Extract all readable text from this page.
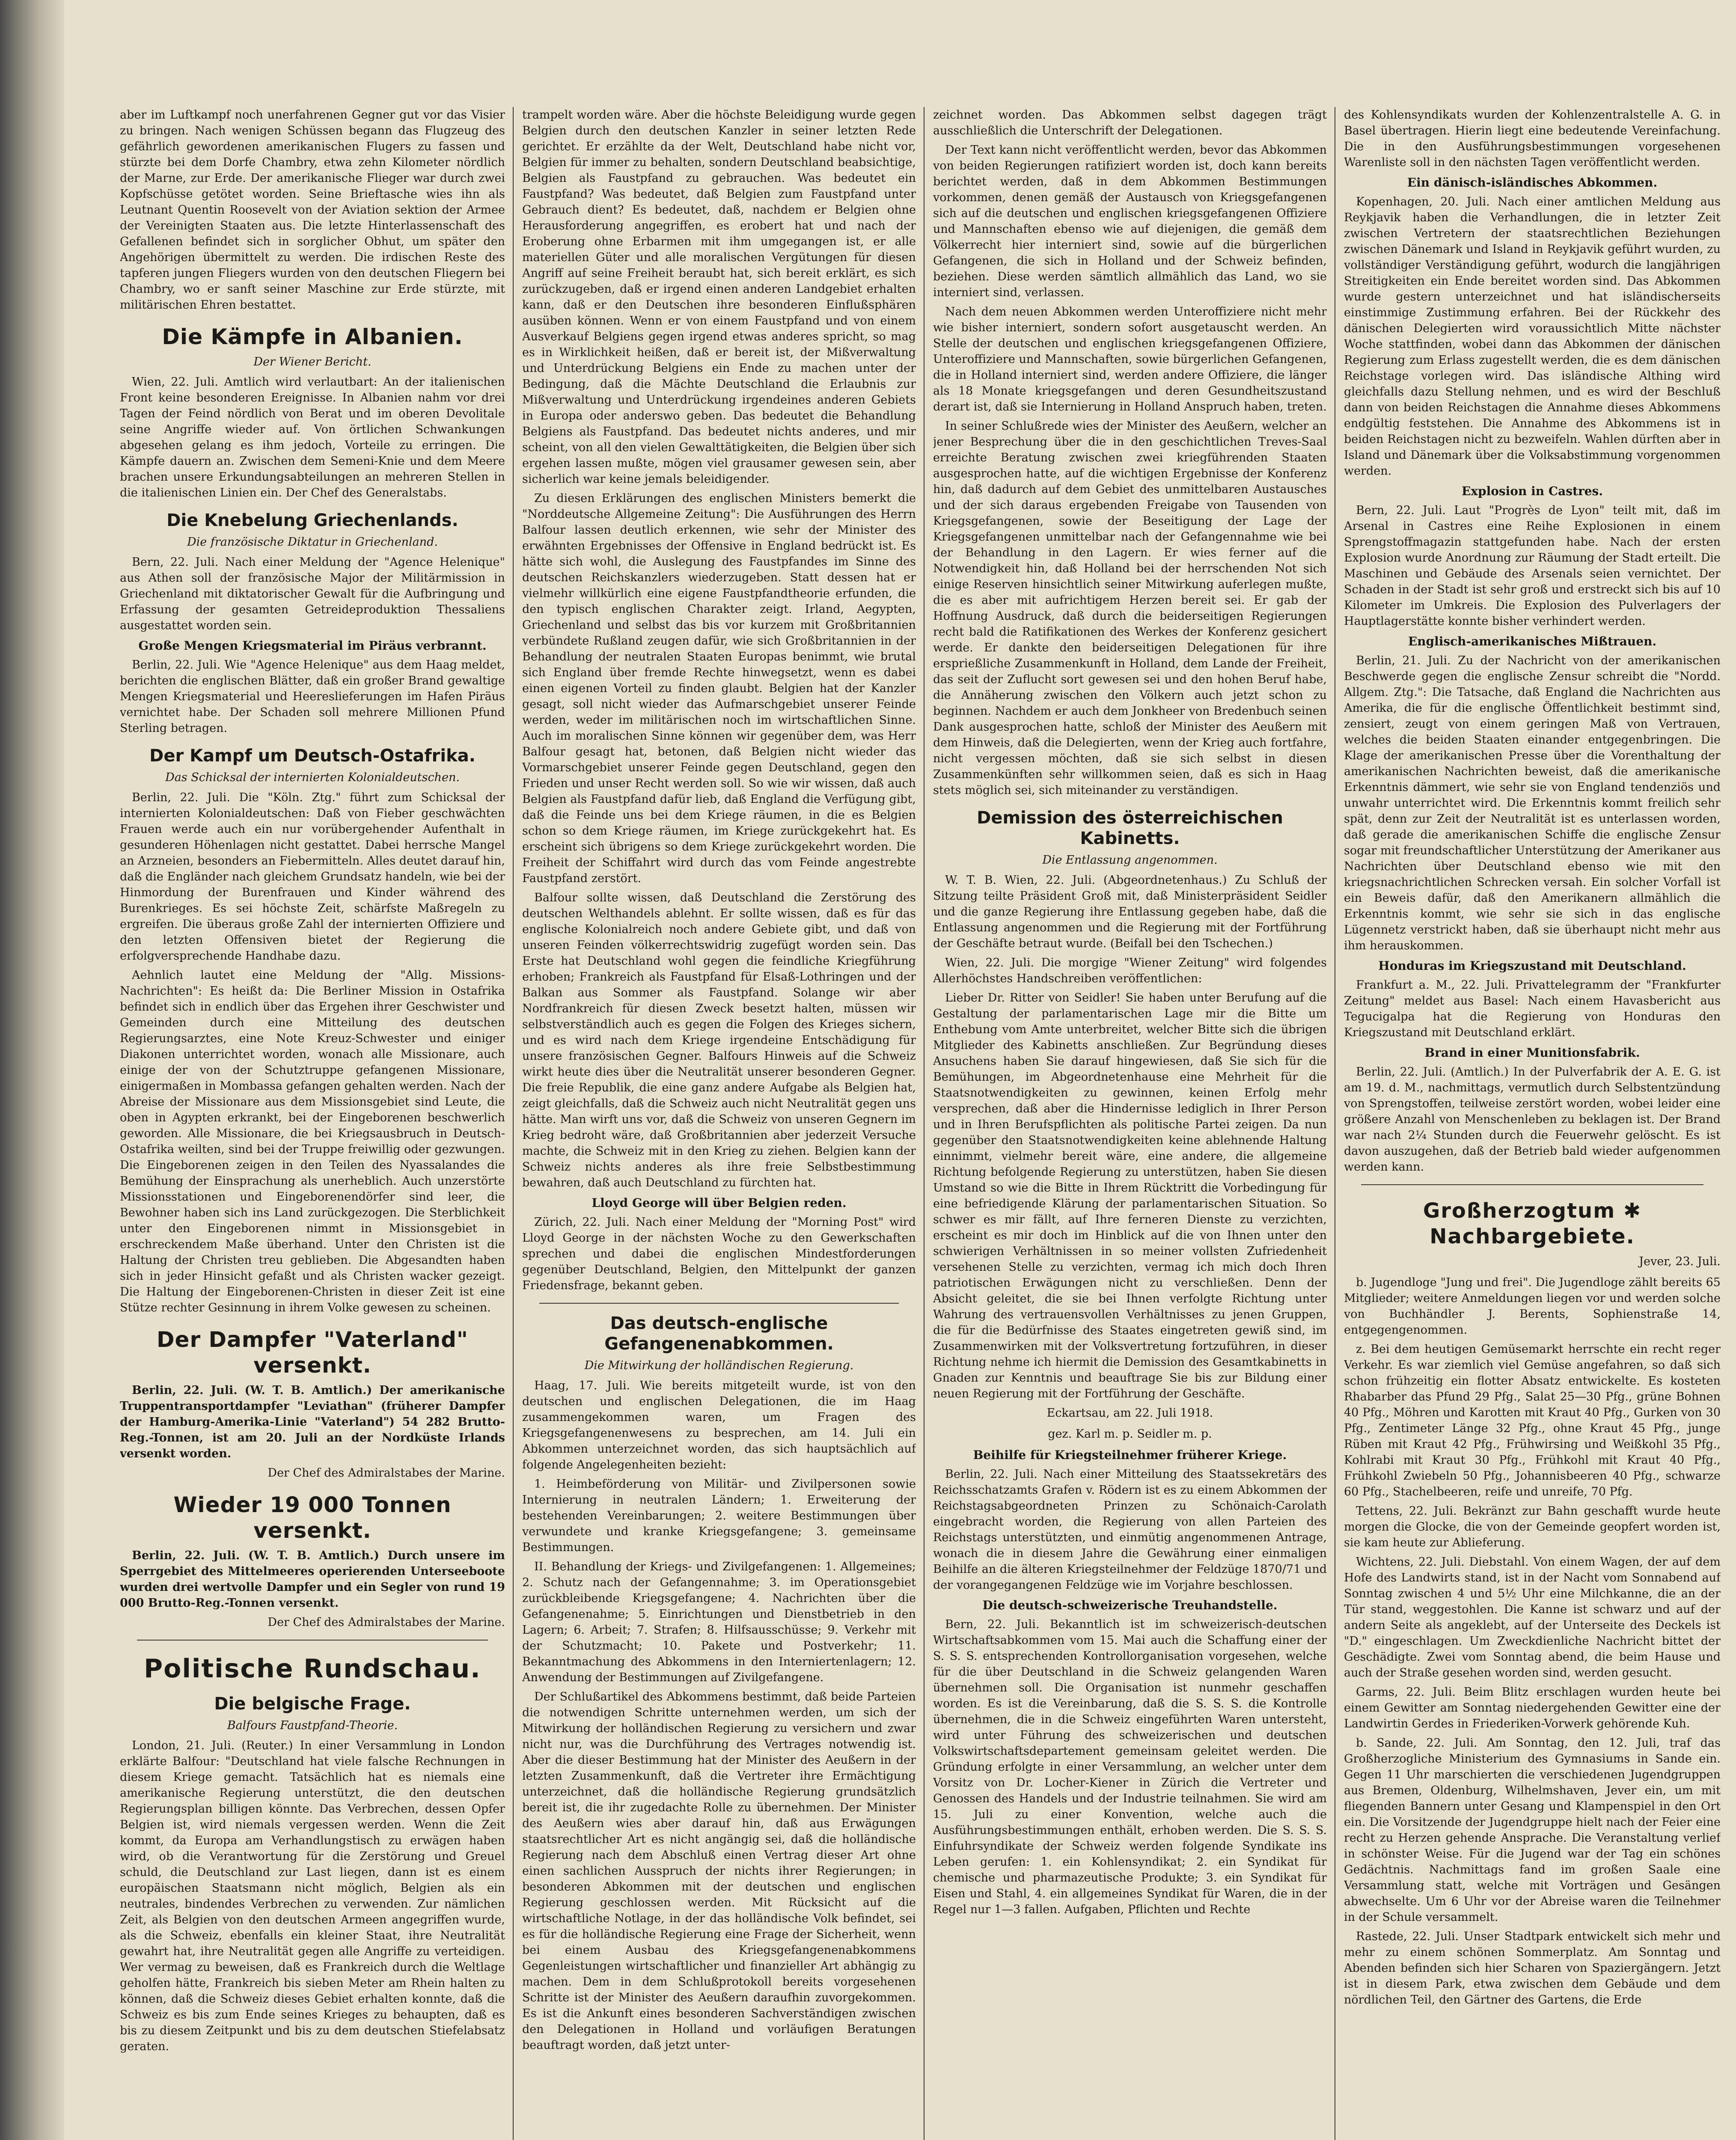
aber im Luftkampf noch unerfahrenen Gegner gut vor das Visier zu bringen. Nach wenigen Schüssen begann das Flugzeug des gefährlich gewordenen amerikanischen Flugers zu fassen und stürzte bei dem Dorfe Chambry, etwa zehn Kilometer nördlich der Marne, zur Erde. Der amerikanische Flieger war durch zwei Kopfschüsse getötet worden. Seine Brieftasche wies ihn als Leutnant Quentin Roosevelt von der Aviation sektion der Armee der Vereinigten Staaten aus. Die letzte Hinterlassenschaft des Gefallenen befindet sich in sorglicher Obhut, um später den Angehörigen übermittelt zu werden. Die irdischen Reste des tapferen jungen Fliegers wurden von den deutschen Fliegern bei Chambry, wo er sanft seiner Maschine zur Erde stürzte, mit militärischen Ehren bestattet.

Die Kämpfe in Albanien.
Der Wiener Bericht.

Wien, 22. Juli. Amtlich wird verlautbart: An der italienischen Front keine besonderen Ereignisse. In Albanien nahm vor drei Tagen der Feind nördlich von Berat und im oberen Devolitale seine Angriffe wieder auf. Von örtlichen Schwankungen abgesehen gelang es ihm jedoch, Vorteile zu erringen. Die Kämpfe dauern an. Zwischen dem Semeni-Knie und dem Meere brachen unsere Erkundungsabteilungen an mehreren Stellen in die italienischen Linien ein. Der Chef des Generalstabs.

Die Knebelung Griechenlands.
Die französische Diktatur in Griechenland.

Bern, 22. Juli. Nach einer Meldung der "Agence Helenique" aus Athen soll der französische Major der Militärmission in Griechenland mit diktatorischer Gewalt für die Aufbringung und Erfassung der gesamten Getreideproduktion Thessaliens ausgestattet worden sein.

Große Mengen Kriegsmaterial im Piräus verbrannt.

Berlin, 22. Juli. Wie "Agence Helenique" aus dem Haag meldet, berichten die englischen Blätter, daß ein großer Brand gewaltige Mengen Kriegsmaterial und Heereslieferungen im Hafen Piräus vernichtet habe. Der Schaden soll mehrere Millionen Pfund Sterling betragen.

Der Kampf um Deutsch-Ostafrika.
Das Schicksal der internierten Kolonialdeutschen.

Berlin, 22. Juli. Die "Köln. Ztg." führt zum Schicksal der internierten Kolonialdeutschen: Daß von Fieber geschwächten Frauen werde auch ein nur vorübergehender Aufenthalt in gesunderen Höhenlagen nicht gestattet. Dabei herrsche Mangel an Arzneien, besonders an Fiebermitteln. Alles deutet darauf hin, daß die Engländer nach gleichem Grundsatz handeln, wie bei der Hinmordung der Burenfrauen und Kinder während des Burenkrieges. Es sei höchste Zeit, schärfste Maßregeln zu ergreifen. Die überaus große Zahl der internierten Offiziere und den letzten Offensiven bietet der Regierung die erfolgversprechende Handhabe dazu.

Aehnlich lautet eine Meldung der "Allg. Missions-Nachrichten": Es heißt da: Die Berliner Mission in Ostafrika befindet sich in endlich über das Ergehen ihrer Geschwister und Gemeinden durch eine Mitteilung des deutschen Regierungsarztes, eine Note Kreuz-Schwester und einiger Diakonen unterrichtet worden, wonach alle Missionare, auch einige der von der Schutztruppe gefangenen Missionare, einigermaßen in Mombassa gefangen gehalten werden. Nach der Abreise der Missionare aus dem Missionsgebiet sind Leute, die oben in Agypten erkrankt, bei der Eingeborenen beschwerlich geworden. Alle Missionare, die bei Kriegsausbruch in Deutsch-Ostafrika weilten, sind bei der Truppe freiwillig oder gezwungen. Die Eingeborenen zeigen in den Teilen des Nyassalandes die Bemühung der Einsprachung als unerheblich. Auch unzerstörte Missionsstationen und Eingeborenendörfer sind leer, die Bewohner haben sich ins Land zurückgezogen. Die Sterblichkeit unter den Eingeborenen nimmt in Missionsgebiet in erschreckendem Maße überhand. Unter den Christen ist die Haltung der Christen treu geblieben. Die Abgesandten haben sich in jeder Hinsicht gefaßt und als Christen wacker gezeigt. Die Haltung der Eingeborenen-Christen in dieser Zeit ist eine Stütze rechter Gesinnung in ihrem Volke gewesen zu scheinen.

Der Dampfer "Vaterland" versenkt.

Berlin, 22. Juli. (W. T. B. Amtlich.) Der amerikanische Truppentransportdampfer "Leviathan" (früherer Dampfer der Hamburg-Amerika-Linie "Vaterland") 54 282 Brutto-Reg.-Tonnen, ist am 20. Juli an der Nordküste Irlands versenkt worden.

Der Chef des Admiralstabes der Marine.
Wieder 19 000 Tonnen versenkt.

Berlin, 22. Juli. (W. T. B. Amtlich.) Durch unsere im Sperrgebiet des Mittelmeeres operierenden Unterseeboote wurden drei wertvolle Dampfer und ein Segler von rund 19 000 Brutto-Reg.-Tonnen versenkt.

Der Chef des Admiralstabes der Marine.
Politische Rundschau.
Die belgische Frage.
Balfours Faustpfand-Theorie.

London, 21. Juli. (Reuter.) In einer Versammlung in London erklärte Balfour: "Deutschland hat viele falsche Rechnungen in diesem Kriege gemacht. Tatsächlich hat es niemals eine amerikanische Regierung unterstützt, die den deutschen Regierungsplan billigen könnte. Das Verbrechen, dessen Opfer Belgien ist, wird niemals vergessen werden. Wenn die Zeit kommt, da Europa am Verhandlungstisch zu erwägen haben wird, ob die Verantwortung für die Zerstörung und Greuel schuld, die Deutschland zur Last liegen, dann ist es einem europäischen Staatsmann nicht möglich, Belgien als ein neutrales, bindendes Verbrechen zu verwenden. Zur nämlichen Zeit, als Belgien von den deutschen Armeen angegriffen wurde, als die Schweiz, ebenfalls ein kleiner Staat, ihre Neutralität gewahrt hat, ihre Neutralität gegen alle Angriffe zu verteidigen. Wer vermag zu beweisen, daß es Frankreich durch die Weltlage geholfen hätte, Frankreich bis sieben Meter am Rhein halten zu können, daß die Schweiz dieses Gebiet erhalten konnte, daß die Schweiz es bis zum Ende seines Krieges zu behaupten, daß es bis zu diesem Zeitpunkt und bis zu dem deutschen Stiefelabsatz geraten.

trampelt worden wäre. Aber die höchste Beleidigung wurde gegen Belgien durch den deutschen Kanzler in seiner letzten Rede gerichtet. Er erzählte da der Welt, Deutschland habe nicht vor, Belgien für immer zu behalten, sondern Deutschland beabsichtige, Belgien als Faustpfand zu gebrauchen. Was bedeutet ein Faustpfand? Was bedeutet, daß Belgien zum Faustpfand unter Gebrauch dient? Es bedeutet, daß, nachdem er Belgien ohne Herausforderung angegriffen, es erobert hat und nach der Eroberung ohne Erbarmen mit ihm umgegangen ist, er alle materiellen Güter und alle moralischen Vergütungen für diesen Angriff auf seine Freiheit beraubt hat, sich bereit erklärt, es sich zurückzugeben, daß er irgend einen anderen Landgebiet erhalten kann, daß er den Deutschen ihre besonderen Einflußsphären ausüben können. Wenn er von einem Faustpfand und von einem Ausverkauf Belgiens gegen irgend etwas anderes spricht, so mag es in Wirklichkeit heißen, daß er bereit ist, der Mißverwaltung und Unterdrückung Belgiens ein Ende zu machen unter der Bedingung, daß die Mächte Deutschland die Erlaubnis zur Mißverwaltung und Unterdrückung irgendeines anderen Gebiets in Europa oder anderswo geben. Das bedeutet die Behandlung Belgiens als Faustpfand. Das bedeutet nichts anderes, und mir scheint, von all den vielen Gewalttätigkeiten, die Belgien über sich ergehen lassen mußte, mögen viel grausamer gewesen sein, aber sicherlich war keine jemals beleidigender.

Zu diesen Erklärungen des englischen Ministers bemerkt die "Norddeutsche Allgemeine Zeitung": Die Ausführungen des Herrn Balfour lassen deutlich erkennen, wie sehr der Minister des erwähnten Ergebnisses der Offensive in England bedrückt ist. Es hätte sich wohl, die Auslegung des Faustpfandes im Sinne des deutschen Reichskanzlers wiederzugeben. Statt dessen hat er vielmehr willkürlich eine eigene Faustpfandtheorie erfunden, die den typisch englischen Charakter zeigt. Irland, Aegypten, Griechenland und selbst das bis vor kurzem mit Großbritannien verbündete Rußland zeugen dafür, wie sich Großbritannien in der Behandlung der neutralen Staaten Europas benimmt, wie brutal sich England über fremde Rechte hinwegsetzt, wenn es dabei einen eigenen Vorteil zu finden glaubt. Belgien hat der Kanzler gesagt, soll nicht wieder das Aufmarschgebiet unserer Feinde werden, weder im militärischen noch im wirtschaftlichen Sinne. Auch im moralischen Sinne können wir gegenüber dem, was Herr Balfour gesagt hat, betonen, daß Belgien nicht wieder das Vormarschgebiet unserer Feinde gegen Deutschland, gegen den Frieden und unser Recht werden soll. So wie wir wissen, daß auch Belgien als Faustpfand dafür lieb, daß England die Verfügung gibt, daß die Feinde uns bei dem Kriege räumen, in die es Belgien schon so dem Kriege räumen, im Kriege zurückgekehrt hat. Es erscheint sich übrigens so dem Kriege zurückgekehrt worden. Die Freiheit der Schiffahrt wird durch das vom Feinde angestrebte Faustpfand zerstört.

Balfour sollte wissen, daß Deutschland die Zerstörung des deutschen Welthandels ablehnt. Er sollte wissen, daß es für das englische Kolonialreich noch andere Gebiete gibt, und daß von unseren Feinden völkerrechtswidrig zugefügt worden sein. Das Erste hat Deutschland wohl gegen die feindliche Kriegführung erhoben; Frankreich als Faustpfand für Elsaß-Lothringen und der Balkan aus Sommer als Faustpfand. Solange wir aber Nordfrankreich für diesen Zweck besetzt halten, müssen wir selbstverständlich auch es gegen die Folgen des Krieges sichern, und es wird nach dem Kriege irgendeine Entschädigung für unsere französischen Gegner. Balfours Hinweis auf die Schweiz wirkt heute dies über die Neutralität unserer besonderen Gegner. Die freie Republik, die eine ganz andere Aufgabe als Belgien hat, zeigt gleichfalls, daß die Schweiz auch nicht Neutralität gegen uns hätte. Man wirft uns vor, daß die Schweiz von unseren Gegnern im Krieg bedroht wäre, daß Großbritannien aber jederzeit Versuche machte, die Schweiz mit in den Krieg zu ziehen. Belgien kann der Schweiz nichts anderes als ihre freie Selbstbestimmung bewahren, daß auch Deutschland zu fürchten hat.

Lloyd George will über Belgien reden.

Zürich, 22. Juli. Nach einer Meldung der "Morning Post" wird Lloyd George in der nächsten Woche zu den Gewerkschaften sprechen und dabei die englischen Mindestforderungen gegenüber Deutschland, Belgien, den Mittelpunkt der ganzen Friedensfrage, bekannt geben.

Das deutsch-englische Gefangenenabkommen.
Die Mitwirkung der holländischen Regierung.

Haag, 17. Juli. Wie bereits mitgeteilt wurde, ist von den deutschen und englischen Delegationen, die im Haag zusammengekommen waren, um Fragen des Kriegsgefangenenwesens zu besprechen, am 14. Juli ein Abkommen unterzeichnet worden, das sich hauptsächlich auf folgende Angelegenheiten bezieht:

1. Heimbeförderung von Militär- und Zivilpersonen sowie Internierung in neutralen Ländern; 1. Erweiterung der bestehenden Vereinbarungen; 2. weitere Bestimmungen über verwundete und kranke Kriegsgefangene; 3. gemeinsame Bestimmungen.

II. Behandlung der Kriegs- und Zivilgefangenen: 1. Allgemeines; 2. Schutz nach der Gefangennahme; 3. im Operationsgebiet zurückbleibende Kriegsgefangene; 4. Nachrichten über die Gefangenenahme; 5. Einrichtungen und Dienstbetrieb in den Lagern; 6. Arbeit; 7. Strafen; 8. Hilfsausschüsse; 9. Verkehr mit der Schutzmacht; 10. Pakete und Postverkehr; 11. Bekanntmachung des Abkommens in den Interniertenlagern; 12. Anwendung der Bestimmungen auf Zivilgefangene.

Der Schlußartikel des Abkommens bestimmt, daß beide Parteien die notwendigen Schritte unternehmen werden, um sich der Mitwirkung der holländischen Regierung zu versichern und zwar nicht nur, was die Durchführung des Vertrages notwendig ist. Aber die dieser Bestimmung hat der Minister des Aeußern in der letzten Zusammenkunft, daß die Vertreter ihre Ermächtigung unterzeichnet, daß die holländische Regierung grundsätzlich bereit ist, die ihr zugedachte Rolle zu übernehmen. Der Minister des Aeußern wies aber darauf hin, daß aus Erwägungen staatsrechtlicher Art es nicht angängig sei, daß die holländische Regierung nach dem Abschluß einen Vertrag dieser Art ohne einen sachlichen Ausspruch der nichts ihrer Regierungen; in besonderen Abkommen mit der deutschen und englischen Regierung geschlossen werden. Mit Rücksicht auf die wirtschaftliche Notlage, in der das holländische Volk befindet, sei es für die holländische Regierung eine Frage der Sicherheit, wenn bei einem Ausbau des Kriegsgefangenenabkommens Gegenleistungen wirtschaftlicher und finanzieller Art abhängig zu machen. Dem in dem Schlußprotokoll bereits vorgesehenen Schritte ist der Minister des Aeußern daraufhin zuvorgekommen. Es ist die Ankunft eines besonderen Sachverständigen zwischen den Delegationen in Holland und vorläufigen Beratungen beauftragt worden, daß jetzt unter-

zeichnet worden. Das Abkommen selbst dagegen trägt ausschließlich die Unterschrift der Delegationen.

Der Text kann nicht veröffentlicht werden, bevor das Abkommen von beiden Regierungen ratifiziert worden ist, doch kann bereits berichtet werden, daß in dem Abkommen Bestimmungen vorkommen, denen gemäß der Austausch von Kriegsgefangenen sich auf die deutschen und englischen kriegsgefangenen Offiziere und Mannschaften ebenso wie auf diejenigen, die gemäß dem Völkerrecht hier interniert sind, sowie auf die bürgerlichen Gefangenen, die sich in Holland und der Schweiz befinden, beziehen. Diese werden sämtlich allmählich das Land, wo sie interniert sind, verlassen.

Nach dem neuen Abkommen werden Unteroffiziere nicht mehr wie bisher interniert, sondern sofort ausgetauscht werden. An Stelle der deutschen und englischen kriegsgefangenen Offiziere, Unteroffiziere und Mannschaften, sowie bürgerlichen Gefangenen, die in Holland interniert sind, werden andere Offiziere, die länger als 18 Monate kriegsgefangen und deren Gesundheitszustand derart ist, daß sie Internierung in Holland Anspruch haben, treten.

In seiner Schlußrede wies der Minister des Aeußern, welcher an jener Besprechung über die in den geschichtlichen Treves-Saal erreichte Beratung zwischen zwei kriegführenden Staaten ausgesprochen hatte, auf die wichtigen Ergebnisse der Konferenz hin, daß dadurch auf dem Gebiet des unmittelbaren Austausches und der sich daraus ergebenden Freigabe von Tausenden von Kriegsgefangenen, sowie der Beseitigung der Lage der Kriegsgefangenen unmittelbar nach der Gefangennahme wie bei der Behandlung in den Lagern. Er wies ferner auf die Notwendigkeit hin, daß Holland bei der herrschenden Not sich einige Reserven hinsichtlich seiner Mitwirkung auferlegen mußte, die es aber mit aufrichtigem Herzen bereit sei. Er gab der Hoffnung Ausdruck, daß durch die beiderseitigen Regierungen recht bald die Ratifikationen des Werkes der Konferenz gesichert werde. Er dankte den beiderseitigen Delegationen für ihre ersprießliche Zusammenkunft in Holland, dem Lande der Freiheit, das seit der Zuflucht sort gewesen sei und den hohen Beruf habe, die Annäherung zwischen den Völkern auch jetzt schon zu beginnen. Nachdem er auch dem Jonkheer von Bredenbuch seinen Dank ausgesprochen hatte, schloß der Minister des Aeußern mit dem Hinweis, daß die Delegierten, wenn der Krieg auch fortfahre, nicht vergessen möchten, daß sie sich selbst in diesen Zusammenkünften sehr willkommen seien, daß es sich in Haag stets möglich sei, sich miteinander zu verständigen.

Demission des österreichischen Kabinetts.
Die Entlassung angenommen.

W. T. B. Wien, 22. Juli. (Abgeordnetenhaus.) Zu Schluß der Sitzung teilte Präsident Groß mit, daß Ministerpräsident Seidler und die ganze Regierung ihre Entlassung gegeben habe, daß die Entlassung angenommen und die Regierung mit der Fortführung der Geschäfte betraut wurde. (Beifall bei den Tschechen.)

Wien, 22. Juli. Die morgige "Wiener Zeitung" wird folgendes Allerhöchstes Handschreiben veröffentlichen:

Lieber Dr. Ritter von Seidler! Sie haben unter Berufung auf die Gestaltung der parlamentarischen Lage mir die Bitte um Enthebung vom Amte unterbreitet, welcher Bitte sich die übrigen Mitglieder des Kabinetts anschließen. Zur Begründung dieses Ansuchens haben Sie darauf hingewiesen, daß Sie sich für die Bemühungen, im Abgeordnetenhause eine Mehrheit für die Staatsnotwendigkeiten zu gewinnen, keinen Erfolg mehr versprechen, daß aber die Hindernisse lediglich in Ihrer Person und in Ihren Berufspflichten als politische Partei zeigen. Da nun gegenüber den Staatsnotwendigkeiten keine ablehnende Haltung einnimmt, vielmehr bereit wäre, eine andere, die allgemeine Richtung befolgende Regierung zu unterstützen, haben Sie diesen Umstand so wie die Bitte in Ihrem Rücktritt die Vorbedingung für eine befriedigende Klärung der parlamentarischen Situation. So schwer es mir fällt, auf Ihre ferneren Dienste zu verzichten, erscheint es mir doch im Hinblick auf die von Ihnen unter den schwierigen Verhältnissen in so meiner vollsten Zufriedenheit versehenen Stelle zu verzichten, vermag ich mich doch Ihren patriotischen Erwägungen nicht zu verschließen. Denn der Absicht geleitet, die sie bei Ihnen verfolgte Richtung unter Wahrung des vertrauensvollen Verhältnisses zu jenen Gruppen, die für die Bedürfnisse des Staates eingetreten gewiß sind, im Zusammenwirken mit der Volksvertretung fortzuführen, in dieser Richtung nehme ich hiermit die Demission des Gesamtkabinetts in Gnaden zur Kenntnis und beauftrage Sie bis zur Bildung einer neuen Regierung mit der Fortführung der Geschäfte.

Eckartsau, am 22. Juli 1918.
gez. Karl m. p. Seidler m. p.
Beihilfe für Kriegsteilnehmer früherer Kriege.

Berlin, 22. Juli. Nach einer Mitteilung des Staatssekretärs des Reichsschatzamts Grafen v. Rödern ist es zu einem Abkommen der Reichstagsabgeordneten Prinzen zu Schönaich-Carolath eingebracht worden, die Regierung von allen Parteien des Reichstags unterstützten, und einmütig angenommenen Antrage, wonach die in diesem Jahre die Gewährung einer einmaligen Beihilfe an die älteren Kriegsteilnehmer der Feldzüge 1870/71 und der vorangegangenen Feldzüge wie im Vorjahre beschlossen.

Die deutsch-schweizerische Treuhandstelle.

Bern, 22. Juli. Bekanntlich ist im schweizerisch-deutschen Wirtschaftsabkommen vom 15. Mai auch die Schaffung einer der S. S. S. entsprechenden Kontrollorganisation vorgesehen, welche für die über Deutschland in die Schweiz gelangenden Waren übernehmen soll. Die Organisation ist nunmehr geschaffen worden. Es ist die Vereinbarung, daß die S. S. S. die Kontrolle übernehmen, die in die Schweiz eingeführten Waren untersteht, wird unter Führung des schweizerischen und deutschen Volkswirtschaftsdepartement gemeinsam geleitet werden. Die Gründung erfolgte in einer Versammlung, an welcher unter dem Vorsitz von Dr. Locher-Kiener in Zürich die Vertreter und Genossen des Handels und der Industrie teilnahmen. Sie wird am 15. Juli zu einer Konvention, welche auch die Ausführungsbestimmungen enthält, erhoben werden. Die S. S. S. Einfuhrsyndikate der Schweiz werden folgende Syndikate ins Leben gerufen: 1. ein Kohlensyndikat; 2. ein Syndikat für chemische und pharmazeutische Produkte; 3. ein Syndikat für Eisen und Stahl, 4. ein allgemeines Syndikat für Waren, die in der Regel nur 1—3 fallen. Aufgaben, Pflichten und Rechte

des Kohlensyndikats wurden der Kohlenzentralstelle A. G. in Basel übertragen. Hierin liegt eine bedeutende Vereinfachung. Die in den Ausführungsbestimmungen vorgesehenen Warenliste soll in den nächsten Tagen veröffentlicht werden.

Ein dänisch-isländisches Abkommen.

Kopenhagen, 20. Juli. Nach einer amtlichen Meldung aus Reykjavik haben die Verhandlungen, die in letzter Zeit zwischen Vertretern der staatsrechtlichen Beziehungen zwischen Dänemark und Island in Reykjavik geführt wurden, zu vollständiger Verständigung geführt, wodurch die langjährigen Streitigkeiten ein Ende bereitet worden sind. Das Abkommen wurde gestern unterzeichnet und hat isländischerseits einstimmige Zustimmung erfahren. Bei der Rückkehr des dänischen Delegierten wird voraussichtlich Mitte nächster Woche stattfinden, wobei dann das Abkommen der dänischen Regierung zum Erlass zugestellt werden, die es dem dänischen Reichstage vorlegen wird. Das isländische Althing wird gleichfalls dazu Stellung nehmen, und es wird der Beschluß dann von beiden Reichstagen die Annahme dieses Abkommens endgültig feststehen. Die Annahme des Abkommens ist in beiden Reichstagen nicht zu bezweifeln. Wahlen dürften aber in Island und Dänemark über die Volksabstimmung vorgenommen werden.

Explosion in Castres.

Bern, 22. Juli. Laut "Progrès de Lyon" teilt mit, daß im Arsenal in Castres eine Reihe Explosionen in einem Sprengstoffmagazin stattgefunden habe. Nach der ersten Explosion wurde Anordnung zur Räumung der Stadt erteilt. Die Maschinen und Gebäude des Arsenals seien vernichtet. Der Schaden in der Stadt ist sehr groß und erstreckt sich bis auf 10 Kilometer im Umkreis. Die Explosion des Pulverlagers der Hauptlagerstätte konnte bisher verhindert werden.

Englisch-amerikanisches Mißtrauen.

Berlin, 21. Juli. Zu der Nachricht von der amerikanischen Beschwerde gegen die englische Zensur schreibt die "Nordd. Allgem. Ztg.": Die Tatsache, daß England die Nachrichten aus Amerika, die für die englische Öffentlichkeit bestimmt sind, zensiert, zeugt von einem geringen Maß von Vertrauen, welches die beiden Staaten einander entgegenbringen. Die Klage der amerikanischen Presse über die Vorenthaltung der amerikanischen Nachrichten beweist, daß die amerikanische Erkenntnis dämmert, wie sehr sie von England tendenziös und unwahr unterrichtet wird. Die Erkenntnis kommt freilich sehr spät, denn zur Zeit der Neutralität ist es unterlassen worden, daß gerade die amerikanischen Schiffe die englische Zensur sogar mit freundschaftlicher Unterstützung der Amerikaner aus Nachrichten über Deutschland ebenso wie mit den kriegsnachrichtlichen Schrecken versah. Ein solcher Vorfall ist ein Beweis dafür, daß den Amerikanern allmählich die Erkenntnis kommt, wie sehr sie sich in das englische Lügennetz verstrickt haben, daß sie überhaupt nicht mehr aus ihm herauskommen.

Honduras im Kriegszustand mit Deutschland.

Frankfurt a. M., 22. Juli. Privattelegramm der "Frankfurter Zeitung" meldet aus Basel: Nach einem Havasbericht aus Tegucigalpa hat die Regierung von Honduras den Kriegszustand mit Deutschland erklärt.

Brand in einer Munitionsfabrik.

Berlin, 22. Juli. (Amtlich.) In der Pulverfabrik der A. E. G. ist am 19. d. M., nachmittags, vermutlich durch Selbstentzündung von Sprengstoffen, teilweise zerstört worden, wobei leider eine größere Anzahl von Menschenleben zu beklagen ist. Der Brand war nach 2¼ Stunden durch die Feuerwehr gelöscht. Es ist davon auszugehen, daß der Betrieb bald wieder aufgenommen werden kann.

Großherzogtum ✱ Nachbargebiete.
Jever, 23. Juli.

b. Jugendloge "Jung und frei". Die Jugendloge zählt bereits 65 Mitglieder; weitere Anmeldungen liegen vor und werden solche von Buchhändler J. Berents, Sophienstraße 14, entgegengenommen.

z. Bei dem heutigen Gemüsemarkt herrschte ein recht reger Verkehr. Es war ziemlich viel Gemüse angefahren, so daß sich schon frühzeitig ein flotter Absatz entwickelte. Es kosteten Rhabarber das Pfund 29 Pfg., Salat 25—30 Pfg., grüne Bohnen 40 Pfg., Möhren und Karotten mit Kraut 40 Pfg., Gurken von 30 Pfg., Zentimeter Länge 32 Pfg., ohne Kraut 45 Pfg., junge Rüben mit Kraut 42 Pfg., Frühwirsing und Weißkohl 35 Pfg., Kohlrabi mit Kraut 30 Pfg., Frühkohl mit Kraut 40 Pfg., Frühkohl Zwiebeln 50 Pfg., Johannisbeeren 40 Pfg., schwarze 60 Pfg., Stachelbeeren, reife und unreife, 70 Pfg.

Tettens, 22. Juli. Bekränzt zur Bahn geschafft wurde heute morgen die Glocke, die von der Gemeinde geopfert worden ist, sie kam heute zur Ablieferung.

Wichtens, 22. Juli. Diebstahl. Von einem Wagen, der auf dem Hofe des Landwirts stand, ist in der Nacht vom Sonnabend auf Sonntag zwischen 4 und 5½ Uhr eine Milchkanne, die an der Tür stand, weggestohlen. Die Kanne ist schwarz und auf der andern Seite als angeklebt, auf der Unterseite des Deckels ist "D." eingeschlagen. Um Zweckdienliche Nachricht bittet der Geschädigte. Zwei vom Sonntag abend, die beim Hause und auch der Straße gesehen worden sind, werden gesucht.

Garms, 22. Juli. Beim Blitz erschlagen wurden heute bei einem Gewitter am Sonntag niedergehenden Gewitter eine der Landwirtin Gerdes in Friederiken-Vorwerk gehörende Kuh.

b. Sande, 22. Juli. Am Sonntag, den 12. Juli, traf das Großherzogliche Ministerium des Gymnasiums in Sande ein. Gegen 11 Uhr marschierten die verschiedenen Jugendgruppen aus Bremen, Oldenburg, Wilhelmshaven, Jever ein, um mit fliegenden Bannern unter Gesang und Klampenspiel in den Ort ein. Die Vorsitzende der Jugendgruppe hielt nach der Feier eine recht zu Herzen gehende Ansprache. Die Veranstaltung verlief in schönster Weise. Für die Jugend war der Tag ein schönes Gedächtnis. Nachmittags fand im großen Saale eine Versammlung statt, welche mit Vorträgen und Gesängen abwechselte. Um 6 Uhr vor der Abreise waren die Teilnehmer in der Schule versammelt.

Rastede, 22. Juli. Unser Stadtpark entwickelt sich mehr und mehr zu einem schönen Sommerplatz. Am Sonntag und Abenden befinden sich hier Scharen von Spaziergängern. Jetzt ist in diesem Park, etwa zwischen dem Gebäude und dem nördlichen Teil, den Gärtner des Gartens, die Erde
